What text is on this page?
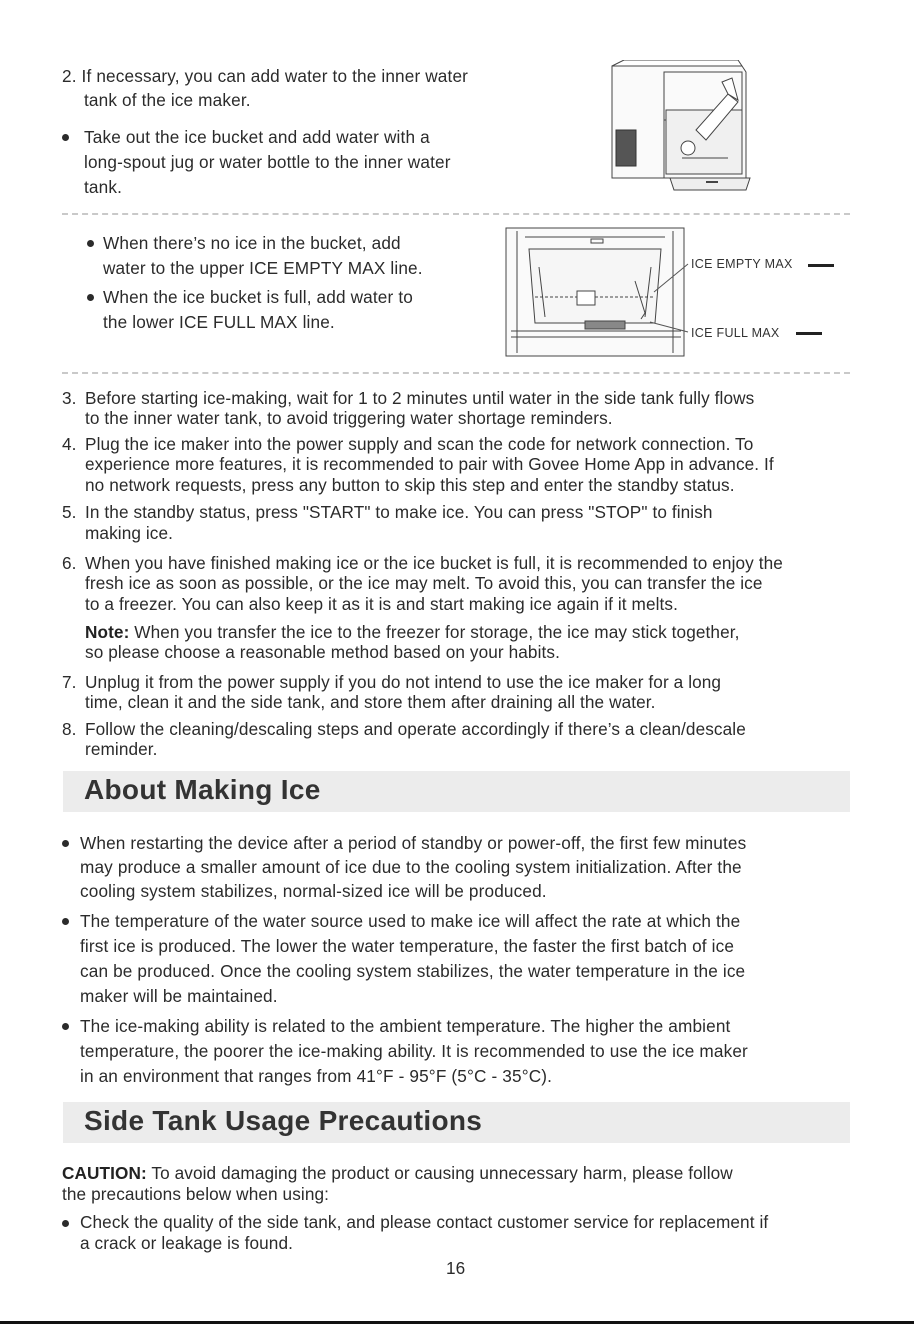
2. If necessary, you can add water to the inner water
tank of the ice maker.
Take out the ice bucket and add water with a
long-spout jug or water bottle to the inner water
tank.
When there’s no ice in the bucket, add
water to the upper ICE EMPTY MAX line.
When the ice bucket is full, add water to
the lower ICE FULL MAX line.
ICE EMPTY MAX
ICE FULL MAX
3. Before starting ice-making, wait for 1 to 2 minutes until water in the side tank fully flows
to the inner water tank, to avoid triggering water shortage reminders.
4. Plug the ice maker into the power supply and scan the code for network connection. To
experience more features, it is recommended to pair with Govee Home App in advance. If
no network requests, press any button to skip this step and enter the standby status.
5. In the standby status, press "START" to make ice. You can press "STOP" to finish
making ice.
6. When you have finished making ice or the ice bucket is full, it is recommended to enjoy the
fresh ice as soon as possible, or the ice may melt. To avoid this, you can transfer the ice
to a freezer. You can also keep it as it is and start making ice again if it melts.
Note: When you transfer the ice to the freezer for storage, the ice may stick together,
so please choose a reasonable method based on your habits.
7. Unplug it from the power supply if you do not intend to use the ice maker for a long
time, clean it and the side tank, and store them after draining all the water.
8. Follow the cleaning/descaling steps and operate accordingly if there’s a clean/descale
reminder.
About Making Ice
When restarting the device after a period of standby or power-off, the first few minutes
may produce a smaller amount of ice due to the cooling system initialization. After the
cooling system stabilizes, normal-sized ice will be produced.
The temperature of the water source used to make ice will affect the rate at which the
first ice is produced. The lower the water temperature, the faster the first batch of ice
can be produced. Once the cooling system stabilizes, the water temperature in the ice
maker will be maintained.
The ice-making ability is related to the ambient temperature. The higher the ambient
temperature, the poorer the ice-making ability. It is recommended to use the ice maker
in an environment that ranges from 41°F - 95°F (5°C - 35°C).
Side Tank Usage Precautions
CAUTION: To avoid damaging the product or causing unnecessary harm, please follow
the precautions below when using:
Check the quality of the side tank, and please contact customer service for replacement if
a crack or leakage is found.
16
